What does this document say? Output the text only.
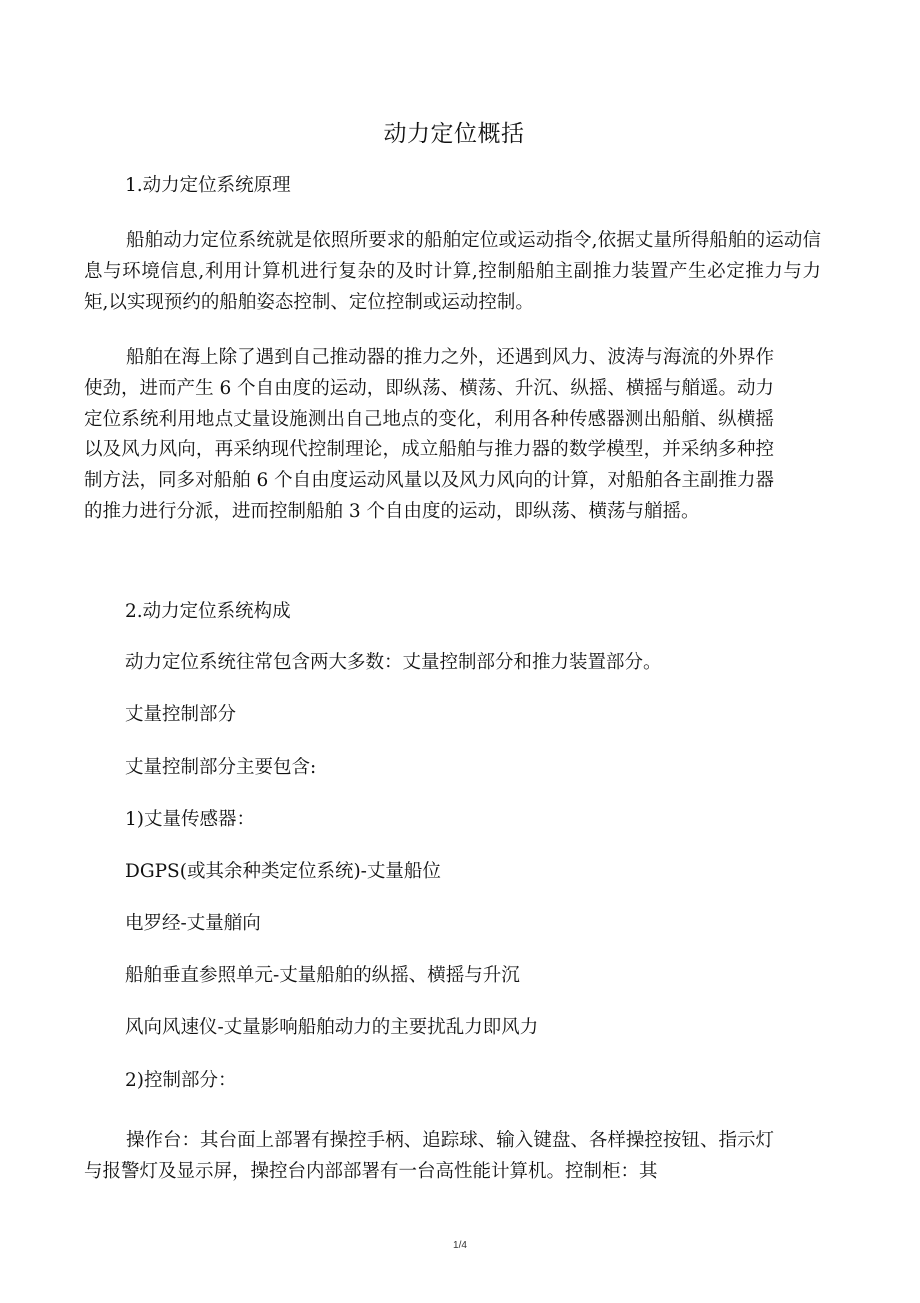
动力定位概括

1.动力定位系统原理

船舶动力定位系统就是依照所要求的船舶定位或运动指令,依据丈量所得船舶的运动信息与环境信息,利用计算机进行复杂的及时计算,控制船舶主副推力装置产生必定推力与力矩,以实现预约的船舶姿态控制、定位控制或运动控制。

船舶在海上除了遇到自己推动器的推力之外，还遇到风力、波涛与海流的外界作使劲，进而产生 6 个自由度的运动，即纵荡、横荡、升沉、纵摇、横摇与艏遥。动力定位系统利用地点丈量设施测出自己地点的变化，利用各种传感器测出船艏、纵横摇以及风力风向，再采纳现代控制理论，成立船舶与推力器的数学模型，并采纳多种控制方法，同多对船舶 6 个自由度运动风量以及风力风向的计算，对船舶各主副推力器的推力进行分派，进而控制船舶 3 个自由度的运动，即纵荡、横荡与艏摇。

2.动力定位系统构成

动力定位系统往常包含两大多数：丈量控制部分和推力装置部分。

丈量控制部分

丈量控制部分主要包含:

1)丈量传感器：

DGPS(或其余种类定位系统)-丈量船位

电罗经-丈量艏向

船舶垂直参照单元-丈量船舶的纵摇、横摇与升沉

风向风速仪-丈量影响船舶动力的主要扰乱力即风力

2)控制部分：

操作台：其台面上部署有操控手柄、追踪球、输入键盘、各样操控按钮、指示灯与报警灯及显示屏，操控台内部部署有一台高性能计算机。控制柜：其

1/4
